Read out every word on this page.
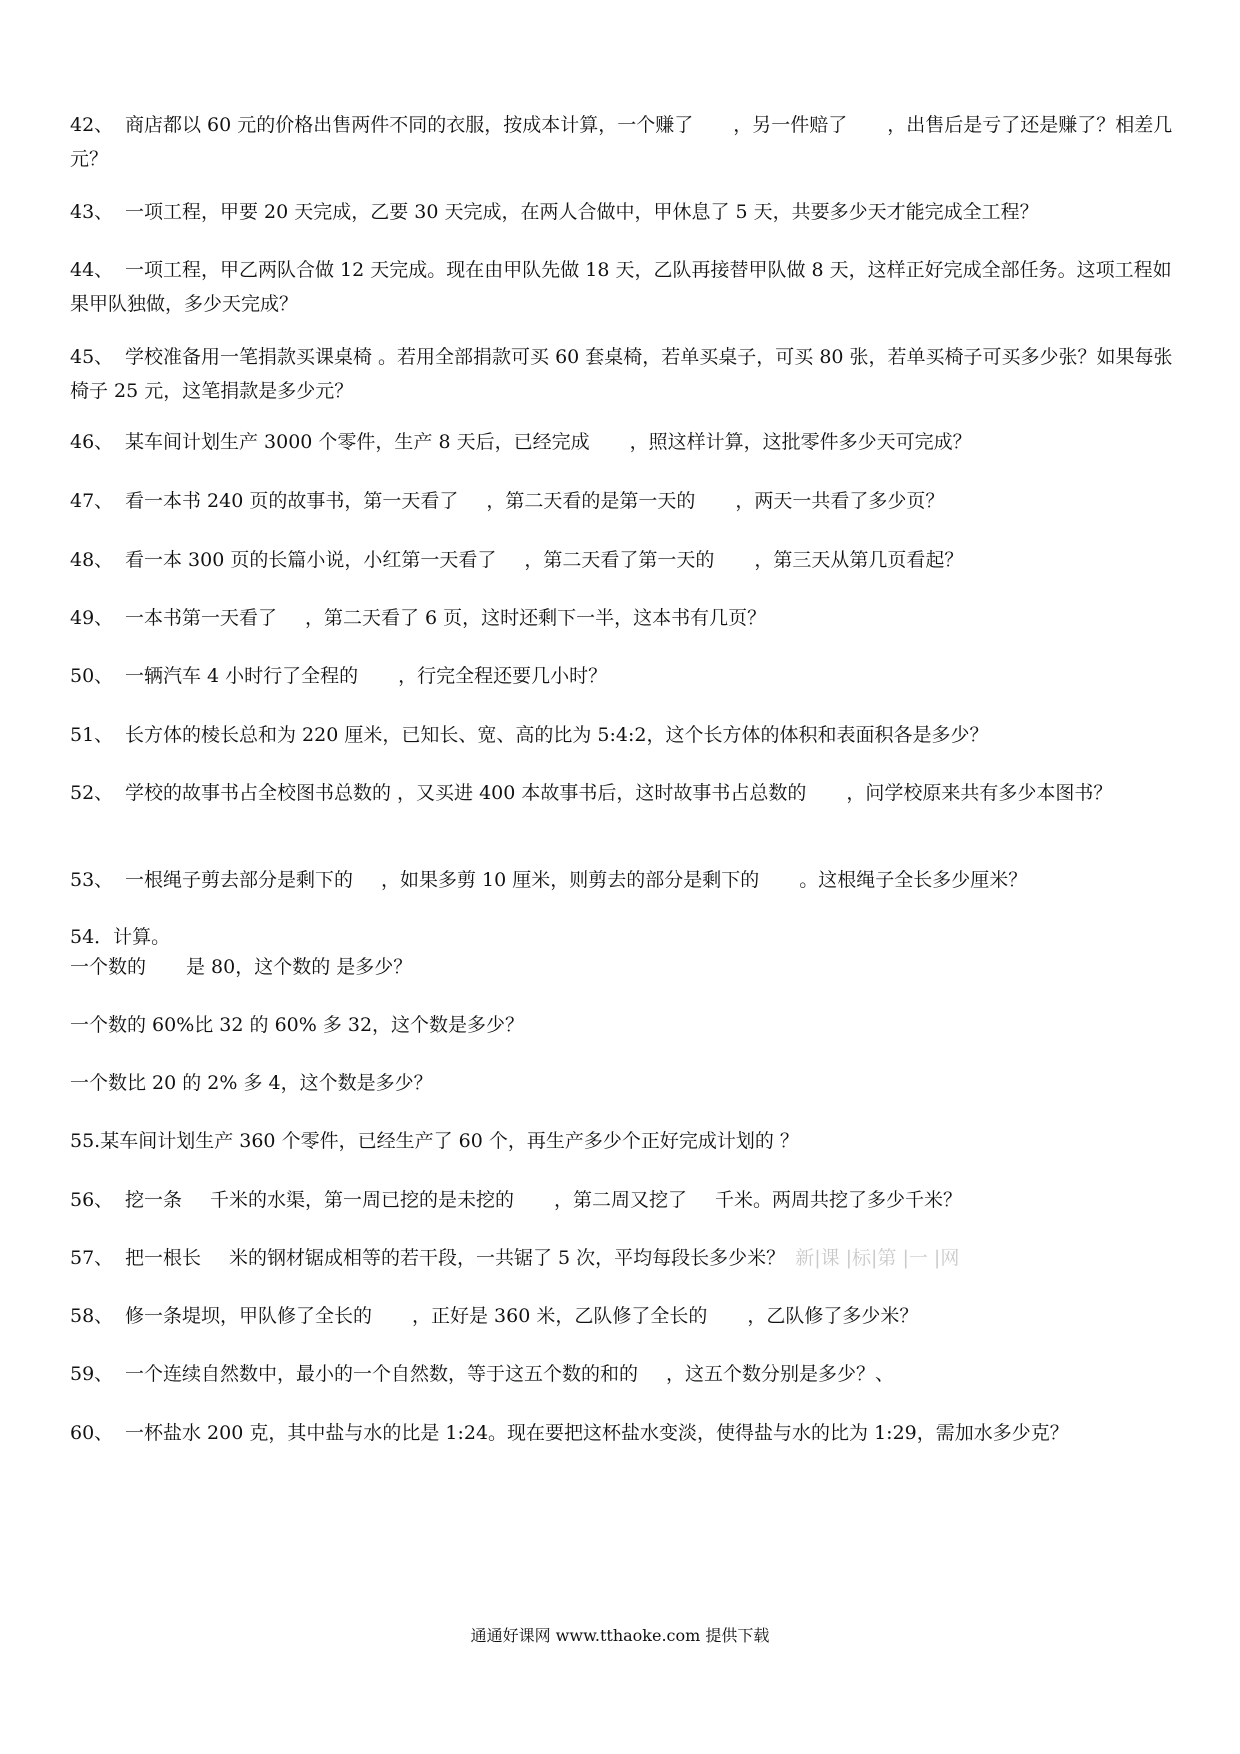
42、 商店都以 60 元的价格出售两件不同的衣服，按成本计算，一个赚了 ，另一件赔了 ，出售后是亏了还是赚了？相差几元？
43、 一项工程，甲要 20 天完成，乙要 30 天完成，在两人合做中，甲休息了 5 天，共要多少天才能完成全工程？
44、 一项工程，甲乙两队合做 12 天完成。现在由甲队先做 18 天，乙队再接替甲队做 8 天，这样正好完成全部任务。这项工程如果甲队独做，多少天完成？
45、 学校准备用一笔捐款买课桌椅 。若用全部捐款可买 60 套桌椅，若单买桌子，可买 80 张，若单买椅子可买多少张？如果每张椅子 25 元，这笔捐款是多少元？
46、 某车间计划生产 3000 个零件，生产 8 天后，已经完成 ，照这样计算，这批零件多少天可完成？
47、 看一本书 240 页的故事书，第一天看了 ，第二天看的是第一天的 ，两天一共看了多少页？
48、 看一本 300 页的长篇小说，小红第一天看了 ，第二天看了第一天的 ，第三天从第几页看起？
49、 一本书第一天看了 ，第二天看了 6 页，这时还剩下一半，这本书有几页？
50、 一辆汽车 4 小时行了全程的 ，行完全程还要几小时？
51、 长方体的棱长总和为 220 厘米，已知长、宽、高的比为 5:4:2，这个长方体的体积和表面积各是多少？
52、 学校的故事书占全校图书总数的 ，又买进 400 本故事书后，这时故事书占总数的 ，问学校原来共有多少本图书？
53、 一根绳子剪去部分是剩下的 ，如果多剪 10 厘米，则剪去的部分是剩下的 。这根绳子全长多少厘米？
54．计算。
一个数的 是 80，这个数的 是多少？
一个数的 60%比 32 的 60% 多 32，这个数是多少？
一个数比 20 的 2% 多 4，这个数是多少？
55.某车间计划生产 360 个零件，已经生产了 60 个，再生产多少个正好完成计划的 ？
56、 挖一条 千米的水渠，第一周已挖的是未挖的 ，第二周又挖了 千米。两周共挖了多少千米？
57、 把一根长 米的钢材锯成相等的若干段，一共锯了 5 次，平均每段长多少米？ 新|课 |标|第 |一 |网
58、 修一条堤坝，甲队修了全长的 ，正好是 360 米，乙队修了全长的 ，乙队修了多少米？
59、 一个连续自然数中，最小的一个自然数，等于这五个数的和的 ，这五个数分别是多少？、
60、 一杯盐水 200 克，其中盐与水的比是 1:24。现在要把这杯盐水变淡，使得盐与水的比为 1:29，需加水多少克？
通通好课网 www.tthaoke.com 提供下载
